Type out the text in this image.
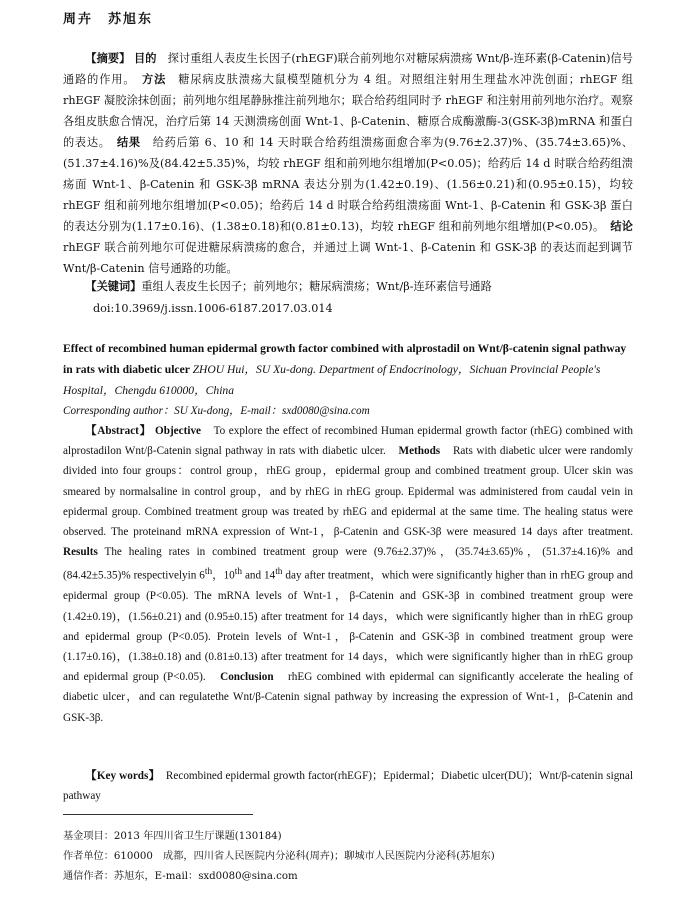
周卉　苏旭东
【摘要】 目的　 探讨重组人表皮生长因子(rhEGF)联合前列地尔对糖尿病溃疡 Wnt/β-连环素(β-Catenin)信号通路的作用。　 方法　 糖尿病皮肤溃疡大鼠模型随机分为 4 组。对照组注射用生理盐水冲洗创面；rhEGF 组 rhEGF 凝胶涂抹创面；前列地尔组尾静脉推注前列地尔；联合给药组同时予 rhEGF 和注射用前列地尔治疗。观察各组皮肤愈合情况，治疗后第 14 天测溃疡创面 Wnt-1、β-Catenin、糖原合成酶激酶-3(GSK-3β)mRNA 和蛋白的表达。　 结果　 给药后第 6、10 和 14 天时联合给药组溃疡面愈合率为(9.76±2.37)%、(35.74±3.65)%、(51.37±4.16)%及(84.42±5.35)%，均较 rhEGF 组和前列地尔组增加(P<0.05)；给药后 14 d 时联合给药组溃疡面 Wnt-1、β-Catenin 和 GSK-3β mRNA 表达分别为(1.42±0.19)、(1.56±0.21)和(0.95±0.15)，均较 rhEGF 组和前列地尔组增加(P<0.05)；给药后 14 d 时联合给药组溃疡面 Wnt-1、β-Catenin 和 GSK-3β 蛋白的表达分别为(1.17±0.16)、(1.38±0.18)和(0.81±0.13)，均较 rhEGF 组和前列地尔组增加(P<0.05)。　 结论　rhEGF 联合前列地尔可促进糖尿病溃疡的愈合，并通过上调 Wnt-1、β-Catenin 和 GSK-3β 的表达而起到调节 Wnt/β-Catenin 信号通路的功能。
【关键词】重组人表皮生长因子；前列地尔；糖尿病溃疡；Wnt/β-连环素信号通路
doi:10.3969/j.issn.1006-6187.2017.03.014
Effect of recombined human epidermal growth factor combined with alprostadil on Wnt/β-catenin signal pathway in rats with diabetic ulcer ZHOU Hui，SU Xu-dong. Department of Endocrinology，Sichuan Provincial People's Hospital，Chengdu 610000，China
Corresponding author：SU Xu-dong，E-mail：sxd0080@sina.com
【Abstract】 Objective　 To explore the effect of recombined Human epidermal growth factor (rhEG) combined with alprostadilon Wnt/β-Catenin signal pathway in rats with diabetic ulcer.　 Methods　 Rats with diabetic ulcer were randomly divided into four groups：control group，rhEG group，epidermal group and combined treatment group. Ulcer skin was smeared by normalsaline in control group，and by rhEG in rhEG group. Epidermal was administered from caudal vein in epidermal group. Combined treatment group was treated by rhEG and epidermal at the same time. The healing status were observed. The proteinand mRNA expression of Wnt-1，β-Catenin and GSK-3β were measured 14 days after treatment.　Results The healing rates in combined treatment group were (9.76±2.37)%，(35.74±3.65)%，(51.37±4.16)% and (84.42±5.35)% respectivelyin 6th，10th and 14th day after treatment，which were significantly higher than in rhEG group and epidermal group (P<0.05). The mRNA levels of Wnt-1，β-Catenin and GSK-3β in combined treatment group were (1.42±0.19)，(1.56±0.21) and (0.95±0.15) after treatment for 14 days，which were significantly higher than in rhEG group and epidermal group (P<0.05). Protein levels of Wnt-1，β-Catenin and GSK-3β in combined treatment group were (1.17±0.16)，(1.38±0.18) and (0.81±0.13) after treatment for 14 days，which were significantly higher than in rhEG group and epidermal group (P<0.05).　 Conclusion　 rhEG combined with epidermal can significantly accelerate the healing of diabetic ulcer，and can regulatethe Wnt/β-Catenin signal pathway by increasing the expression of Wnt-1，β-Catenin and GSK-3β.
【Key words】　 Recombined epidermal growth factor(rhEGF)；Epidermal；Diabetic ulcer(DU)；Wnt/β-catenin signal pathway
基金项目：2013 年四川省卫生厅课题(130184)
作者单位：610000　成都，四川省人民医院内分泌科(周卉)；聊城市人民医院内分泌科(苏旭东)
通信作者：苏旭东，E-mail：sxd0080@sina.com
